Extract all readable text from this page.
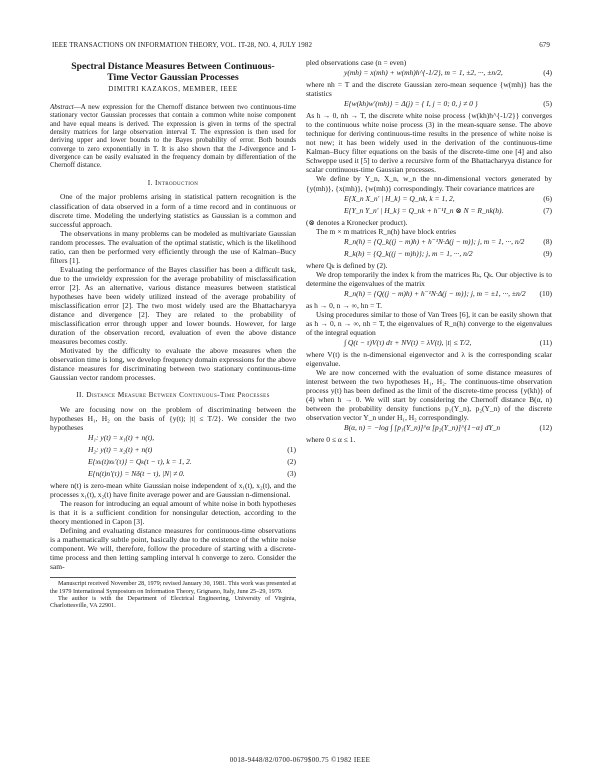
IEEE TRANSACTIONS ON INFORMATION THEORY, VOL. IT-28, NO. 4, JULY 1982	679
Spectral Distance Measures Between Continuous-Time Vector Gaussian Processes
DIMITRI KAZAKOS, MEMBER, IEEE
Abstract—A new expression for the Chernoff distance between two continuous-time stationary vector Gaussian processes that contain a common white noise component and have equal means is derived. The expression is given in terms of the spectral density matrices for large observation interval T. The expression is then used for deriving upper and lower bounds to the Bayes probability of error. Both bounds converge to zero exponentially in T. It is also shown that the J-divergence and I-divergence can be easily evaluated in the frequency domain by differentiation of the Chernoff distance.
I. Introduction

One of the major problems arising in statistical pattern recognition is the classification of data observed in a form of a time record and in continuous or discrete time. Modeling the underlying statistics as Gaussian is a common and successful approach.

The observations in many problems can be modeled as multivariate Gaussian random processes. The evaluation of the optimal statistic, which is the likelihood ratio, can then be performed very efficiently through the use of Kalman–Bucy filters [1].

Evaluating the performance of the Bayes classifier has been a difficult task, due to the unwieldy expression for the average probability of misclassification error [2]. As an alternative, various distance measures between statistical hypotheses have been widely utilized instead of the average probability of misclassification error [2]. The two most widely used are the Bhattacharyya distance and divergence [2]. They are related to the probability of misclassification error through upper and lower bounds. However, for large duration of the observation record, evaluation of even the above distance measures becomes costly.

Motivated by the difficulty to evaluate the above measures when the observation time is long, we develop frequency domain expressions for the above distance measures for discriminating between two stationary continuous-time Gaussian vector random processes.

II. Distance Measure Between Continuous-Time Processes

We are focusing now on the problem of discriminating between the hypotheses H₁, H₂ on the basis of {y(t); |t| ≤ T/2}. We consider the two hypotheses

H₁: y(t) = x₁(t) + n(t),
H₂: y(t) = x₂(t) + n(t)	(1)
E{xₖ(t)xₖ'(τ)} = Qₖ(t − τ), k = 1, 2.	(2)
E{n(t)n'(τ)} = Nδ(t − τ), |N| ≠ 0.	(3)

where n(t) is zero-mean white Gaussian noise independent of x₁(t), x₂(t), and the processes x₁(t), x₂(t) have finite average power and are Gaussian n-dimensional.

The reason for introducing an equal amount of white noise in both hypotheses is that it is a sufficient condition for nonsingular detection, according to the theory mentioned in Capon [3].

Defining and evaluating distance measures for continuous-time observations is a mathematically subtle point, basically due to the existence of the white noise component. We will, therefore, follow the procedure of starting with a discrete-time process and then letting sampling interval h converge to zero. Consider the sam-

Manuscript received November 28, 1979; revised January 30, 1981. This work was presented at the 1979 International Symposium on Information Theory, Grignano, Italy, June 25–29, 1979.

The author is with the Department of Electrical Engineering, University of Virginia, Charlottesville, VA 22901.

pled observations case (n = even)

y(mh) = x(mh) + w(mh)h^{-1/2}, m = 1, ±2, ···, ±n/2,	(4)

where nh = T and the discrete Gaussian zero-mean sequence {w(mh)} has the statistics

E{w(kh)w'(mh)} = Δ(j) = { I, j = 0; 0, j ≠ 0 }	(5)

As h → 0, nh → T, the discrete white noise process {w(kh)h^{-1/2}} converges to the continuous white noise process (3) in the mean-square sense. The above technique for deriving continuous-time results in the presence of white noise is not new; it has been widely used in the derivation of the continuous-time Kalman–Bucy filter equations on the basis of the discrete-time one [4] and also Schweppe used it [5] to derive a recursive form of the Bhattacharyya distance for scalar continuous-time Gaussian processes.

We define by Y_n, X_n, w_n the nn-dimensional vectors generated by {y(mh)}, {x(mh)}, {w(mh)} correspondingly. Their covariance matrices are

E{X_n X_n' | H_k} = Q_nk, k = 1, 2,	(6)
E{Y_n Y_n' | H_k} = Q_nk + h⁻¹I_n ⊗ N = R_nk(h).	(7)

(⊗ denotes a Kronecker product).

The m × m matrices R_n(h) have block entries

R_n(h) = {Q_k((j − m)h) + h⁻¹N·Δ(j − m)}; j, m = 1, ···, n/2	(8)
R_k(h) = {Q_k((j − m)h)}; j, m = 1, ···, n/2	(9)

where Qₖ is defined by (2).

We drop temporarily the index k from the matrices Rₖ, Qₖ. Our objective is to determine the eigenvalues of the matrix

R_n(h) = {Q((j − m)h) + h⁻¹N·Δ(j − m)}; j, m = ±1, ···, ±n/2 (10)

as h → 0, n → ∞, hn = T.

Using procedures similar to those of Van Trees [6], it can be easily shown that as h → 0, n → ∞, nh = T, the eigenvalues of R_n(h) converge to the eigenvalues of the integral equation

∫ Q(t − τ)V(τ) dτ + NV(t) = λV(t), |t| ≤ T/2,	(11)

where V(t) is the n-dimensional eigenvector and λ is the corresponding scalar eigenvalue.

We are now concerned with the evaluation of some distance measures of interest between the two hypotheses H₁, H₂. The continuous-time observation process y(t) has been defined as the limit of the discrete-time process {y(kh)} of (4) when h → 0. We will start by considering the Chernoff distance B(α, n) between the probability density functions p₁(Y_n), p₂(Y_n) of the discrete observation vector Y_n under H₁, H₂ correspondingly.

B(α, n) = −log ∫ [p₁(Y_n)]^α [p₂(Y_n)]^{1−α} dY_n	(12)

where 0 ≤ α ≤ 1.

0018-9448/82/0700-0679$00.75 ©1982 IEEE
